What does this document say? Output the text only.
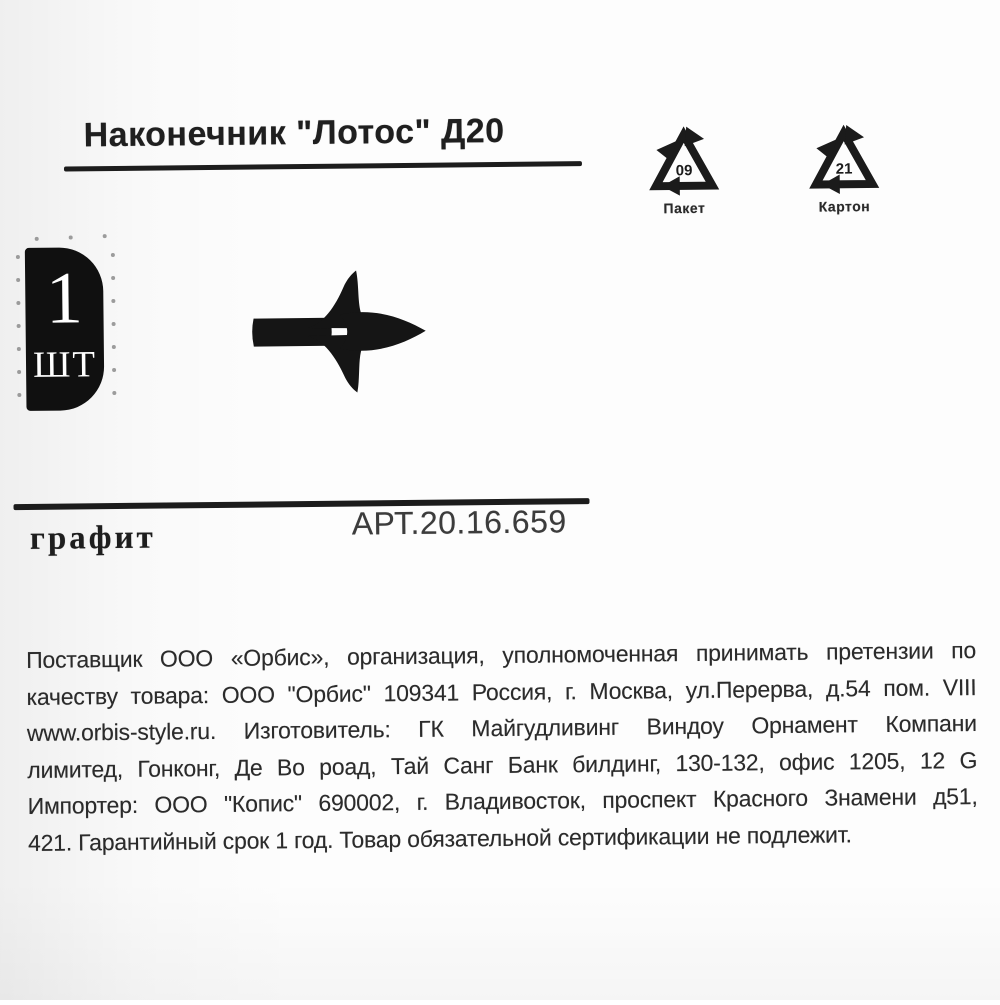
Наконечник "Лотос" Д20
09
Пакет
21
Картон
1
ШТ
графит	АРТ.20.16.659
Поставщик ООО «Орбис», организация, уполномоченная принимать претензии по
качеству товара: ООО "Орбис" 109341 Россия, г. Москва, ул.Перерва, д.54 пом. VIII
www.orbis-style.ru. Изготовитель: ГК Майгудливинг Виндоу Орнамент Компани
лимитед, Гонконг, Де Во роад, Тай Санг Банк билдинг, 130-132, офис 1205, 12 G
Импортер: ООО "Копис" 690002, г. Владивосток, проспект Красного Знамени д51,
421. Гарантийный срок 1 год. Товар обязательной сертификации не подлежит.
